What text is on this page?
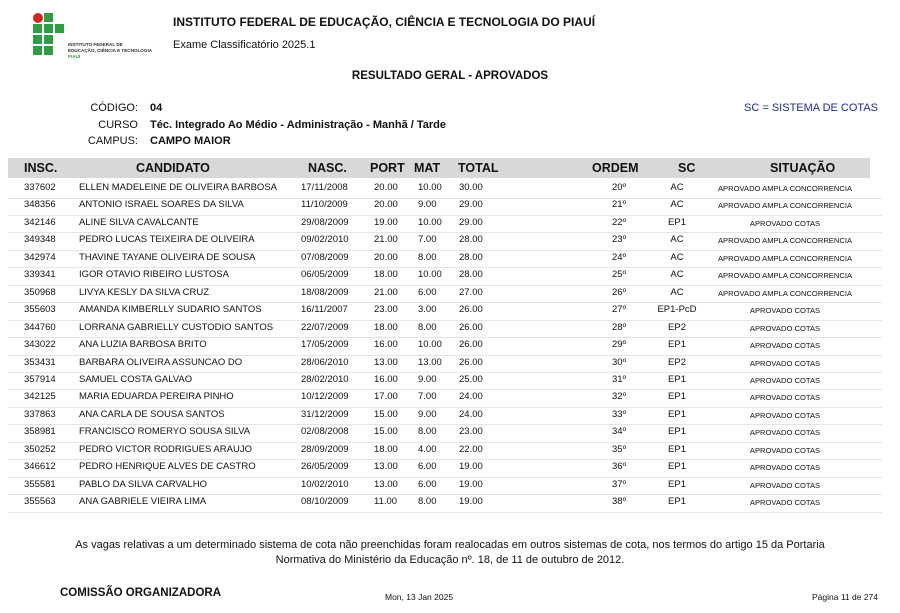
INSTITUTO FEDERAL DE
EDUCAÇÃO, CIÊNCIA E TECNOLOGIA
PIAUÍ
INSTITUTO FEDERAL DE EDUCAÇÃO, CIÊNCIA E TECNOLOGIA DO PIAUÍ
Exame Classificatório 2025.1
RESULTADO GERAL - APROVADOS
CÓDIGO: 04
CURSO Téc. Integrado Ao Médio - Administração - Manhã / Tarde
CAMPUS: CAMPO MAIOR
SC = SISTEMA DE COTAS
INSC.	CANDIDATO	NASC. PORT MAT TOTAL	ORDEM	SC	SITUAÇÃO
337602 ELLEN MADELEINE DE OLIVEIRA BARBOSA	17/11/2008	20.00 10.00 30.00	20º	AC	APROVADO AMPLA CONCORRENCIA
348356 ANTONIO ISRAEL SOARES DA SILVA	11/10/2009	20.00 9.00 29.00	21º	AC	APROVADO AMPLA CONCORRENCIA
342146 ALINE SILVA CAVALCANTE	29/08/2009	19.00 10.00 29.00	22º	EP1	APROVADO COTAS
349348 PEDRO LUCAS TEIXEIRA DE OLIVEIRA	09/02/2010	21.00 7.00 28.00	23º	AC	APROVADO AMPLA CONCORRENCIA
342974 THAVINE TAYANE OLIVEIRA DE SOUSA	07/08/2009	20.00 8.00 28.00	24º	AC	APROVADO AMPLA CONCORRENCIA
339341 IGOR OTAVIO RIBEIRO LUSTOSA	06/05/2009	18.00 10.00 28.00	25º	AC	APROVADO AMPLA CONCORRENCIA
350968 LIVYA KESLY DA SILVA CRUZ	18/08/2009	21.00 6.00 27.00	26º	AC	APROVADO AMPLA CONCORRENCIA
355603 AMANDA KIMBERLLY SUDARIO SANTOS	16/11/2007	23.00 3.00 26.00	27º	EP1-PcD	APROVADO COTAS
344760 LORRANA GABRIELLY CUSTODIO SANTOS	22/07/2009	18.00 8.00 26.00	28º	EP2	APROVADO COTAS
343022 ANA LUZIA BARBOSA BRITO	17/05/2009	16.00 10.00 26.00	29º	EP1	APROVADO COTAS
353431 BARBARA OLIVEIRA ASSUNCAO DO	28/06/2010	13.00 13.00 26.00	30º	EP2	APROVADO COTAS
357914 SAMUEL COSTA GALVAO	28/02/2010	16.00 9.00 25.00	31º	EP1	APROVADO COTAS
342125 MARIA EDUARDA PEREIRA PINHO	10/12/2009	17.00 7.00 24.00	32º	EP1	APROVADO COTAS
337863 ANA CARLA DE SOUSA SANTOS	31/12/2009	15.00 9.00 24.00	33º	EP1	APROVADO COTAS
358981 FRANCISCO ROMERYO SOUSA SILVA	02/08/2008	15.00 8.00 23.00	34º	EP1	APROVADO COTAS
350252 PEDRO VICTOR RODRIGUES ARAUJO	28/09/2009	18.00 4.00 22.00	35º	EP1	APROVADO COTAS
346612 PEDRO HENRIQUE ALVES DE CASTRO	26/05/2009	13.00 6.00 19.00	36º	EP1	APROVADO COTAS
355581 PABLO DA SILVA CARVALHO	10/02/2010	13.00 6.00 19.00	37º	EP1	APROVADO COTAS
355563 ANA GABRIELE VIEIRA LIMA	08/10/2009	11.00 8.00 19.00	38º	EP1	APROVADO COTAS
As vagas relativas a um determinado sistema de cota não preenchidas foram realocadas em outros sistemas de cota, nos termos do artigo 15 da Portaria
Normativa do Ministério da Educação nº. 18, de 11 de outubro de 2012.
COMISSÃO ORGANIZADORA	Mon, 13 Jan 2025	Página 11 de 274
